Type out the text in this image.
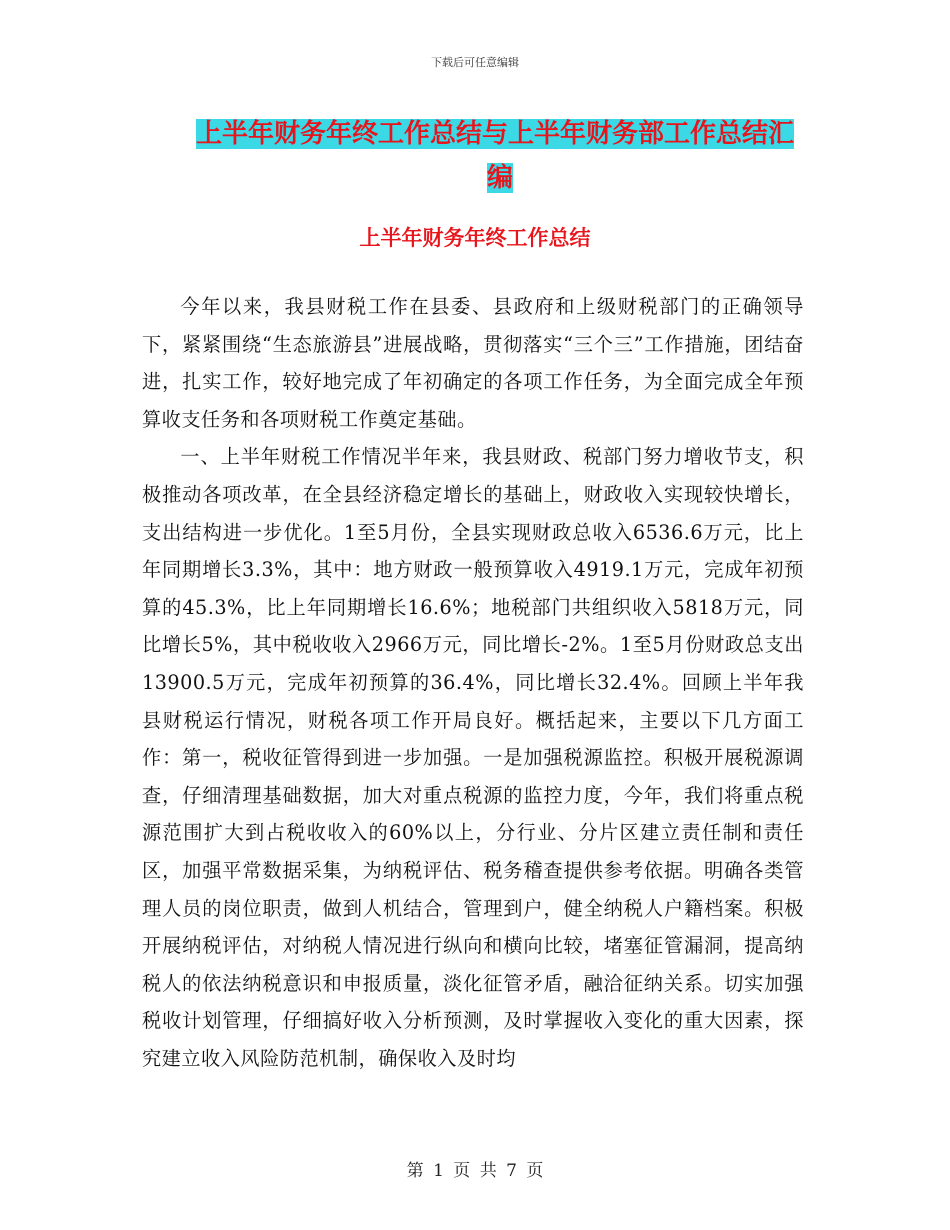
下载后可任意编辑
上半年财务年终工作总结与上半年财务部工作总结汇
编
上半年财务年终工作总结

今年以来，我县财税工作在县委、县政府和上级财税部门的正确领导下，紧紧围绕“生态旅游县”进展战略，贯彻落实“三个三”工作措施，团结奋进，扎实工作，较好地完成了年初确定的各项工作任务，为全面完成全年预算收支任务和各项财税工作奠定基础。

一、上半年财税工作情况半年来，我县财政、税部门努力增收节支，积极推动各项改革，在全县经济稳定增长的基础上，财政收入实现较快增长，支出结构进一步优化。1至5月份，全县实现财政总收入6536.6万元，比上年同期增长3.3%，其中：地方财政一般预算收入4919.1万元，完成年初预算的45.3%，比上年同期增长16.6%；地税部门共组织收入5818万元，同比增长5%，其中税收收入2966万元，同比增长-2%。1至5月份财政总支出13900.5万元，完成年初预算的36.4%，同比增长32.4%。回顾上半年我县财税运行情况，财税各项工作开局良好。概括起来，主要以下几方面工作：第一，税收征管得到进一步加强。一是加强税源监控。积极开展税源调查，仔细清理基础数据，加大对重点税源的监控力度，今年，我们将重点税源范围扩大到占税收收入的60%以上，分行业、分片区建立责任制和责任区，加强平常数据采集，为纳税评估、税务稽查提供参考依据。明确各类管理人员的岗位职责，做到人机结合，管理到户，健全纳税人户籍档案。积极开展纳税评估，对纳税人情况进行纵向和横向比较，堵塞征管漏洞，提高纳税人的依法纳税意识和申报质量，淡化征管矛盾，融洽征纳关系。切实加强税收计划管理，仔细搞好收入分析预测，及时掌握收入变化的重大因素，探究建立收入风险防范机制，确保收入及时均

第 1 页 共 7 页
